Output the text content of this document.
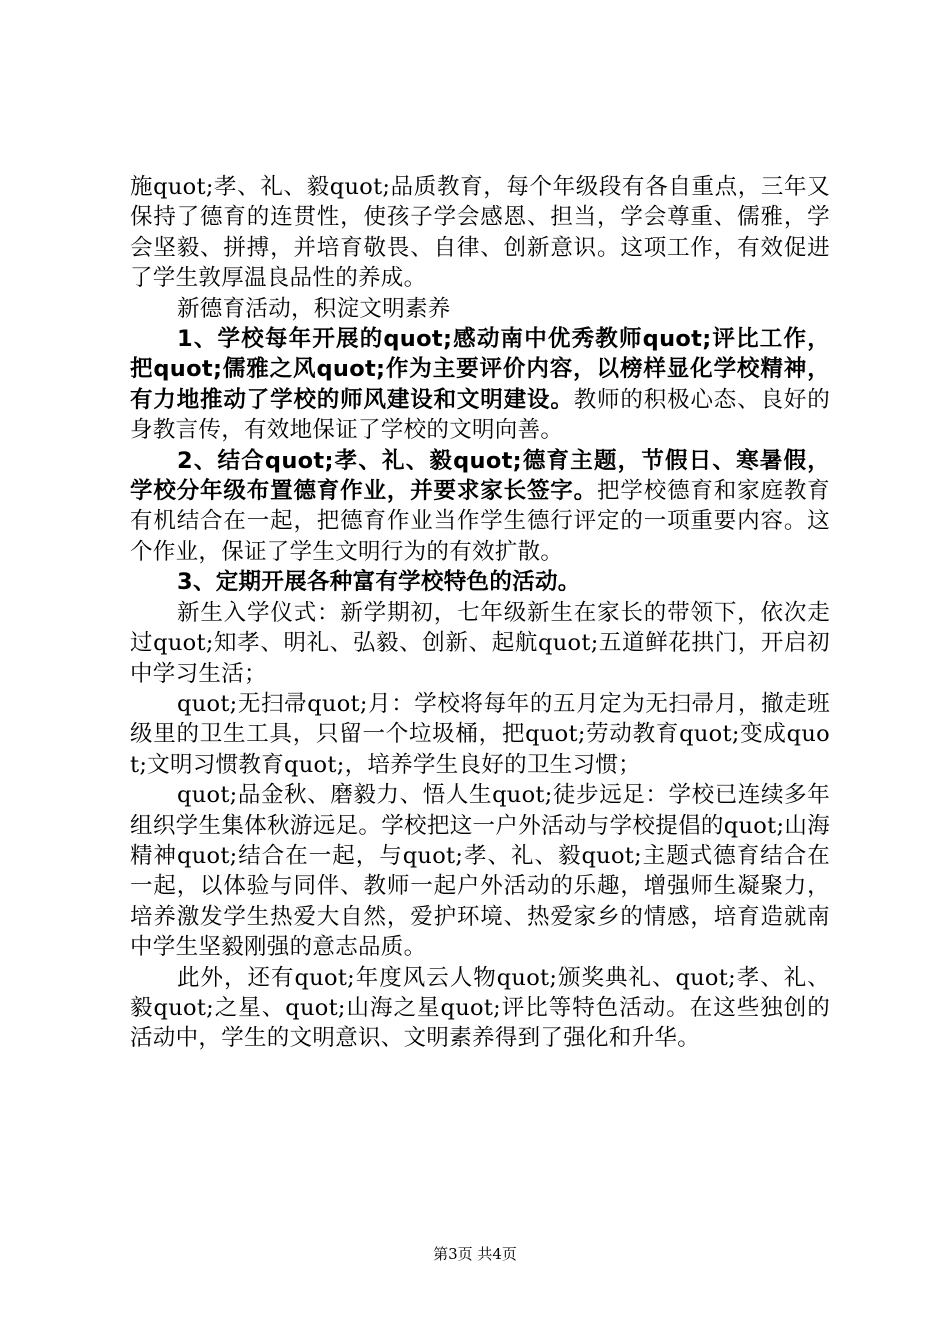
施quot;孝、礼、毅quot;品质教育，每个年级段有各自重点，三年又保持了德育的连贯性，使孩子学会感恩、担当，学会尊重、儒雅，学会坚毅、拼搏，并培育敬畏、自律、创新意识。这项工作，有效促进了学生敦厚温良品性的养成。

新德育活动，积淀文明素养

1、学校每年开展的quot;感动南中优秀教师quot;评比工作，把quot;儒雅之风quot;作为主要评价内容，以榜样显化学校精神，有力地推动了学校的师风建设和文明建设。教师的积极心态、良好的身教言传，有效地保证了学校的文明向善。

2、结合quot;孝、礼、毅quot;德育主题，节假日、寒暑假，学校分年级布置德育作业，并要求家长签字。把学校德育和家庭教育有机结合在一起，把德育作业当作学生德行评定的一项重要内容。这个作业，保证了学生文明行为的有效扩散。

3、定期开展各种富有学校特色的活动。

新生入学仪式：新学期初，七年级新生在家长的带领下，依次走过quot;知孝、明礼、弘毅、创新、起航quot;五道鲜花拱门，开启初中学习生活；

quot;无扫帚quot;月：学校将每年的五月定为无扫帚月，撤走班级里的卫生工具，只留一个垃圾桶，把quot;劳动教育quot;变成quot;文明习惯教育quot;，培养学生良好的卫生习惯；

quot;品金秋、磨毅力、悟人生quot;徒步远足：学校已连续多年组织学生集体秋游远足。学校把这一户外活动与学校提倡的quot;山海精神quot;结合在一起，与quot;孝、礼、毅quot;主题式德育结合在一起，以体验与同伴、教师一起户外活动的乐趣，增强师生凝聚力，培养激发学生热爱大自然，爱护环境、热爱家乡的情感，培育造就南中学生坚毅刚强的意志品质。

此外，还有quot;年度风云人物quot;颁奖典礼、quot;孝、礼、毅quot;之星、quot;山海之星quot;评比等特色活动。在这些独创的活动中，学生的文明意识、文明素养得到了强化和升华。

第3页 共4页
